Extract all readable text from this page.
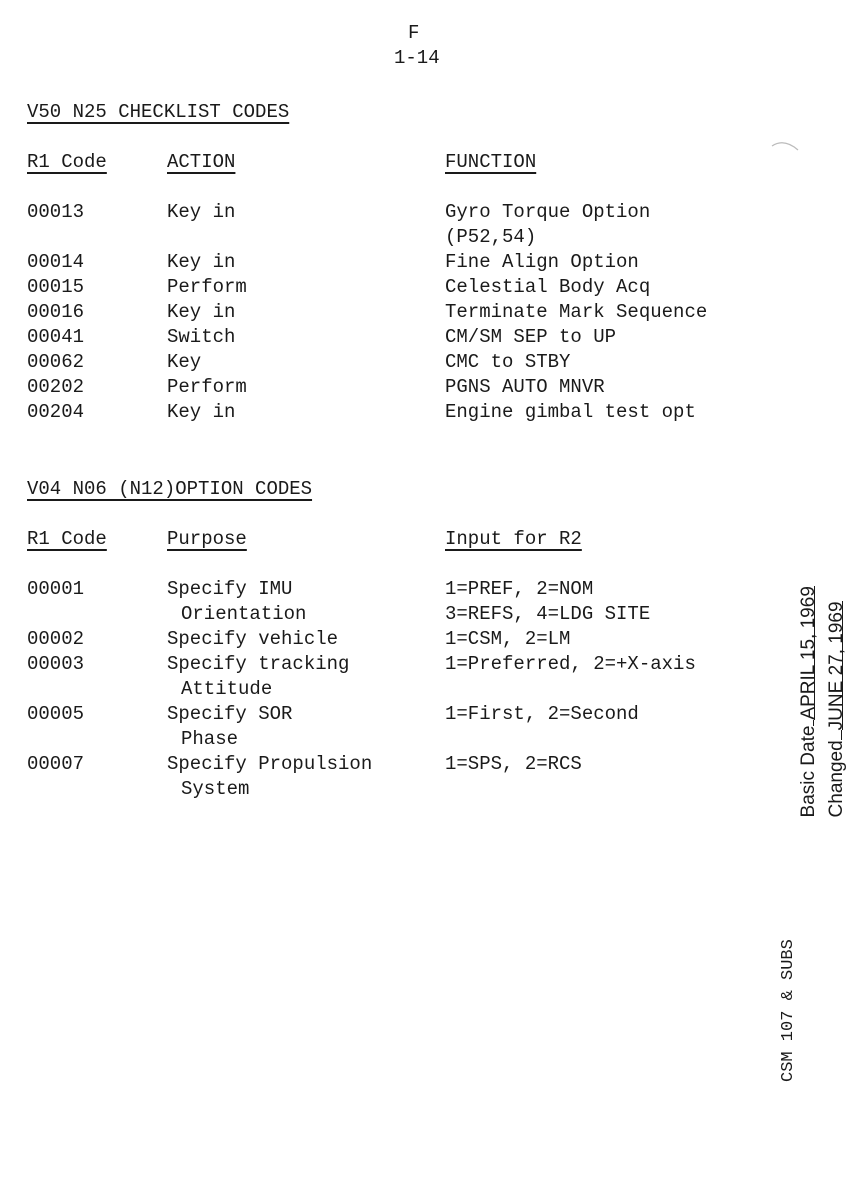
F
1-14
V50 N25 CHECKLIST CODES
R1 Code	ACTION	FUNCTION
00013	Key in	Gyro Torque Option
(P52,54)
00014	Key in	Fine Align Option
00015	Perform	Celestial Body Acq
00016	Key in	Terminate Mark Sequence
00041	Switch	CM/SM SEP to UP
00062	Key	CMC to STBY
00202	Perform	PGNS AUTO MNVR
00204	Key in	Engine gimbal test opt
V04 N06 (N12)OPTION CODES
R1 Code	Purpose	Input for R2
00001	Specify IMU	1=PREF, 2=NOM
Orientation	3=REFS, 4=LDG SITE
00002	Specify vehicle	1=CSM, 2=LM
00003	Specify tracking	1=Preferred, 2=+X-axis
Attitude
00005	Specify SOR	1=First, 2=Second
Phase
00007	Specify Propulsion	1=SPS, 2=RCS
System	Basic DateAPRIL 15, 1969

ChangedJUNE 27, 1969

CSM 107 & SUBS
